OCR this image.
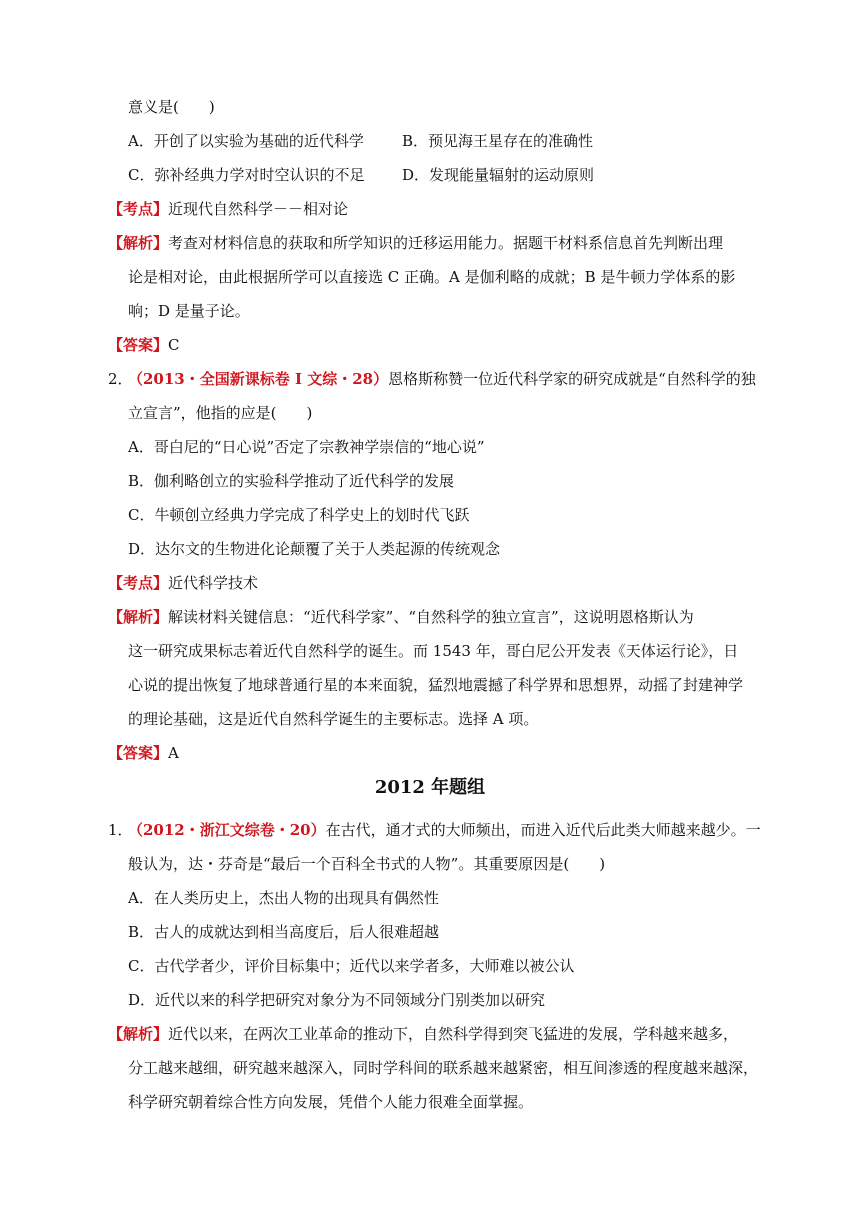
意义是(　　)
A．开创了以实验为基础的近代科学	B．预见海王星存在的准确性
C．弥补经典力学对时空认识的不足	D．发现能量辐射的运动原则
【考点】近现代自然科学－－相对论
【解析】考查对材料信息的获取和所学知识的迁移运用能力。据题干材料系信息首先判断出理
论是相对论，由此根据所学可以直接选 C 正确。A 是伽利略的成就；B 是牛顿力学体系的影
响；D 是量子论。
【答案】C
2．（2013・全国新课标卷 I 文综・28）恩格斯称赞一位近代科学家的研究成就是“自然科学的独
立宣言”，他指的应是(　　)
A．哥白尼的“日心说”否定了宗教神学崇信的“地心说”
B．伽利略创立的实验科学推动了近代科学的发展
C．牛顿创立经典力学完成了科学史上的划时代飞跃
D．达尔文的生物进化论颠覆了关于人类起源的传统观念
【考点】近代科学技术
【解析】解读材料关键信息：“近代科学家”、“自然科学的独立宣言”，这说明恩格斯认为
这一研究成果标志着近代自然科学的诞生。而 1543 年，哥白尼公开发表《天体运行论》，日
心说的提出恢复了地球普通行星的本来面貌，猛烈地震撼了科学界和思想界，动摇了封建神学
的理论基础，这是近代自然科学诞生的主要标志。选择 A 项。
【答案】A
2012 年题组
1．（2012・浙江文综卷・20）在古代，通才式的大师频出，而进入近代后此类大师越来越少。一
般认为，达・芬奇是“最后一个百科全书式的人物”。其重要原因是(　　)
A．在人类历史上，杰出人物的出现具有偶然性
B．古人的成就达到相当高度后，后人很难超越
C．古代学者少，评价目标集中；近代以来学者多，大师难以被公认
D．近代以来的科学把研究对象分为不同领域分门别类加以研究
【解析】近代以来，在两次工业革命的推动下，自然科学得到突飞猛进的发展，学科越来越多，
分工越来越细，研究越来越深入，同时学科间的联系越来越紧密，相互间渗透的程度越来越深，
科学研究朝着综合性方向发展，凭借个人能力很难全面掌握。
